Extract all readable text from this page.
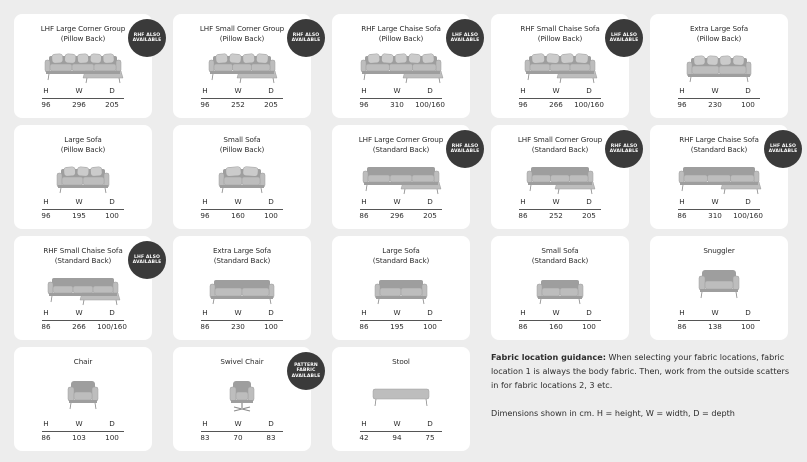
LHF Large Corner Group
(Pillow Back)
H
96
W
296
D
205
RHF ALSO
AVAILABLE
LHF Small Corner Group
(Pillow Back)
H
96
W
252
D
205
RHF ALSO
AVAILABLE
RHF Large Chaise Sofa
(Pillow Back)
H
96
W
310
D
100/160
LHF ALSO
AVAILABLE
RHF Small Chaise Sofa
(Pillow Back)
H
96
W
266
D
100/160
LHF ALSO
AVAILABLE
Extra Large Sofa
(Pillow Back)
H
96
W
230
D
100
Large Sofa
(Pillow Back)
H
96
W
195
D
100
Small Sofa
(Pillow Back)
H
96
W
160
D
100
LHF Large Corner Group
(Standard Back)
H
86
W
296
D
205
RHF ALSO
AVAILABLE
LHF Small Corner Group
(Standard Back)
H
86
W
252
D
205
RHF ALSO
AVAILABLE
RHF Large Chaise Sofa
(Standard Back)
H
86
W
310
D
100/160
LHF ALSO
AVAILABLE
RHF Small Chaise Sofa
(Standard Back)
H
86
W
266
D
100/160
LHF ALSO
AVAILABLE
Extra Large Sofa
(Standard Back)
H
86
W
230
D
100
Large Sofa
(Standard Back)
H
86
W
195
D
100
Small Sofa
(Standard Back)
H
86
W
160
D
100
Snuggler
H
86
W
138
D
100
Chair
H
86
W
103
D
100
Swivel Chair
H
83
W
70
D
83
PATTERN
FABRIC
AVAILABLE
Stool
H
42
W
94
D
75
Fabric location guidance: When selecting your fabric locations, fabric location 1 is always the body fabric. Then, work from the outside scatters in for fabric locations 2, 3 etc.
Dimensions shown in cm. H = height, W = width, D = depth
